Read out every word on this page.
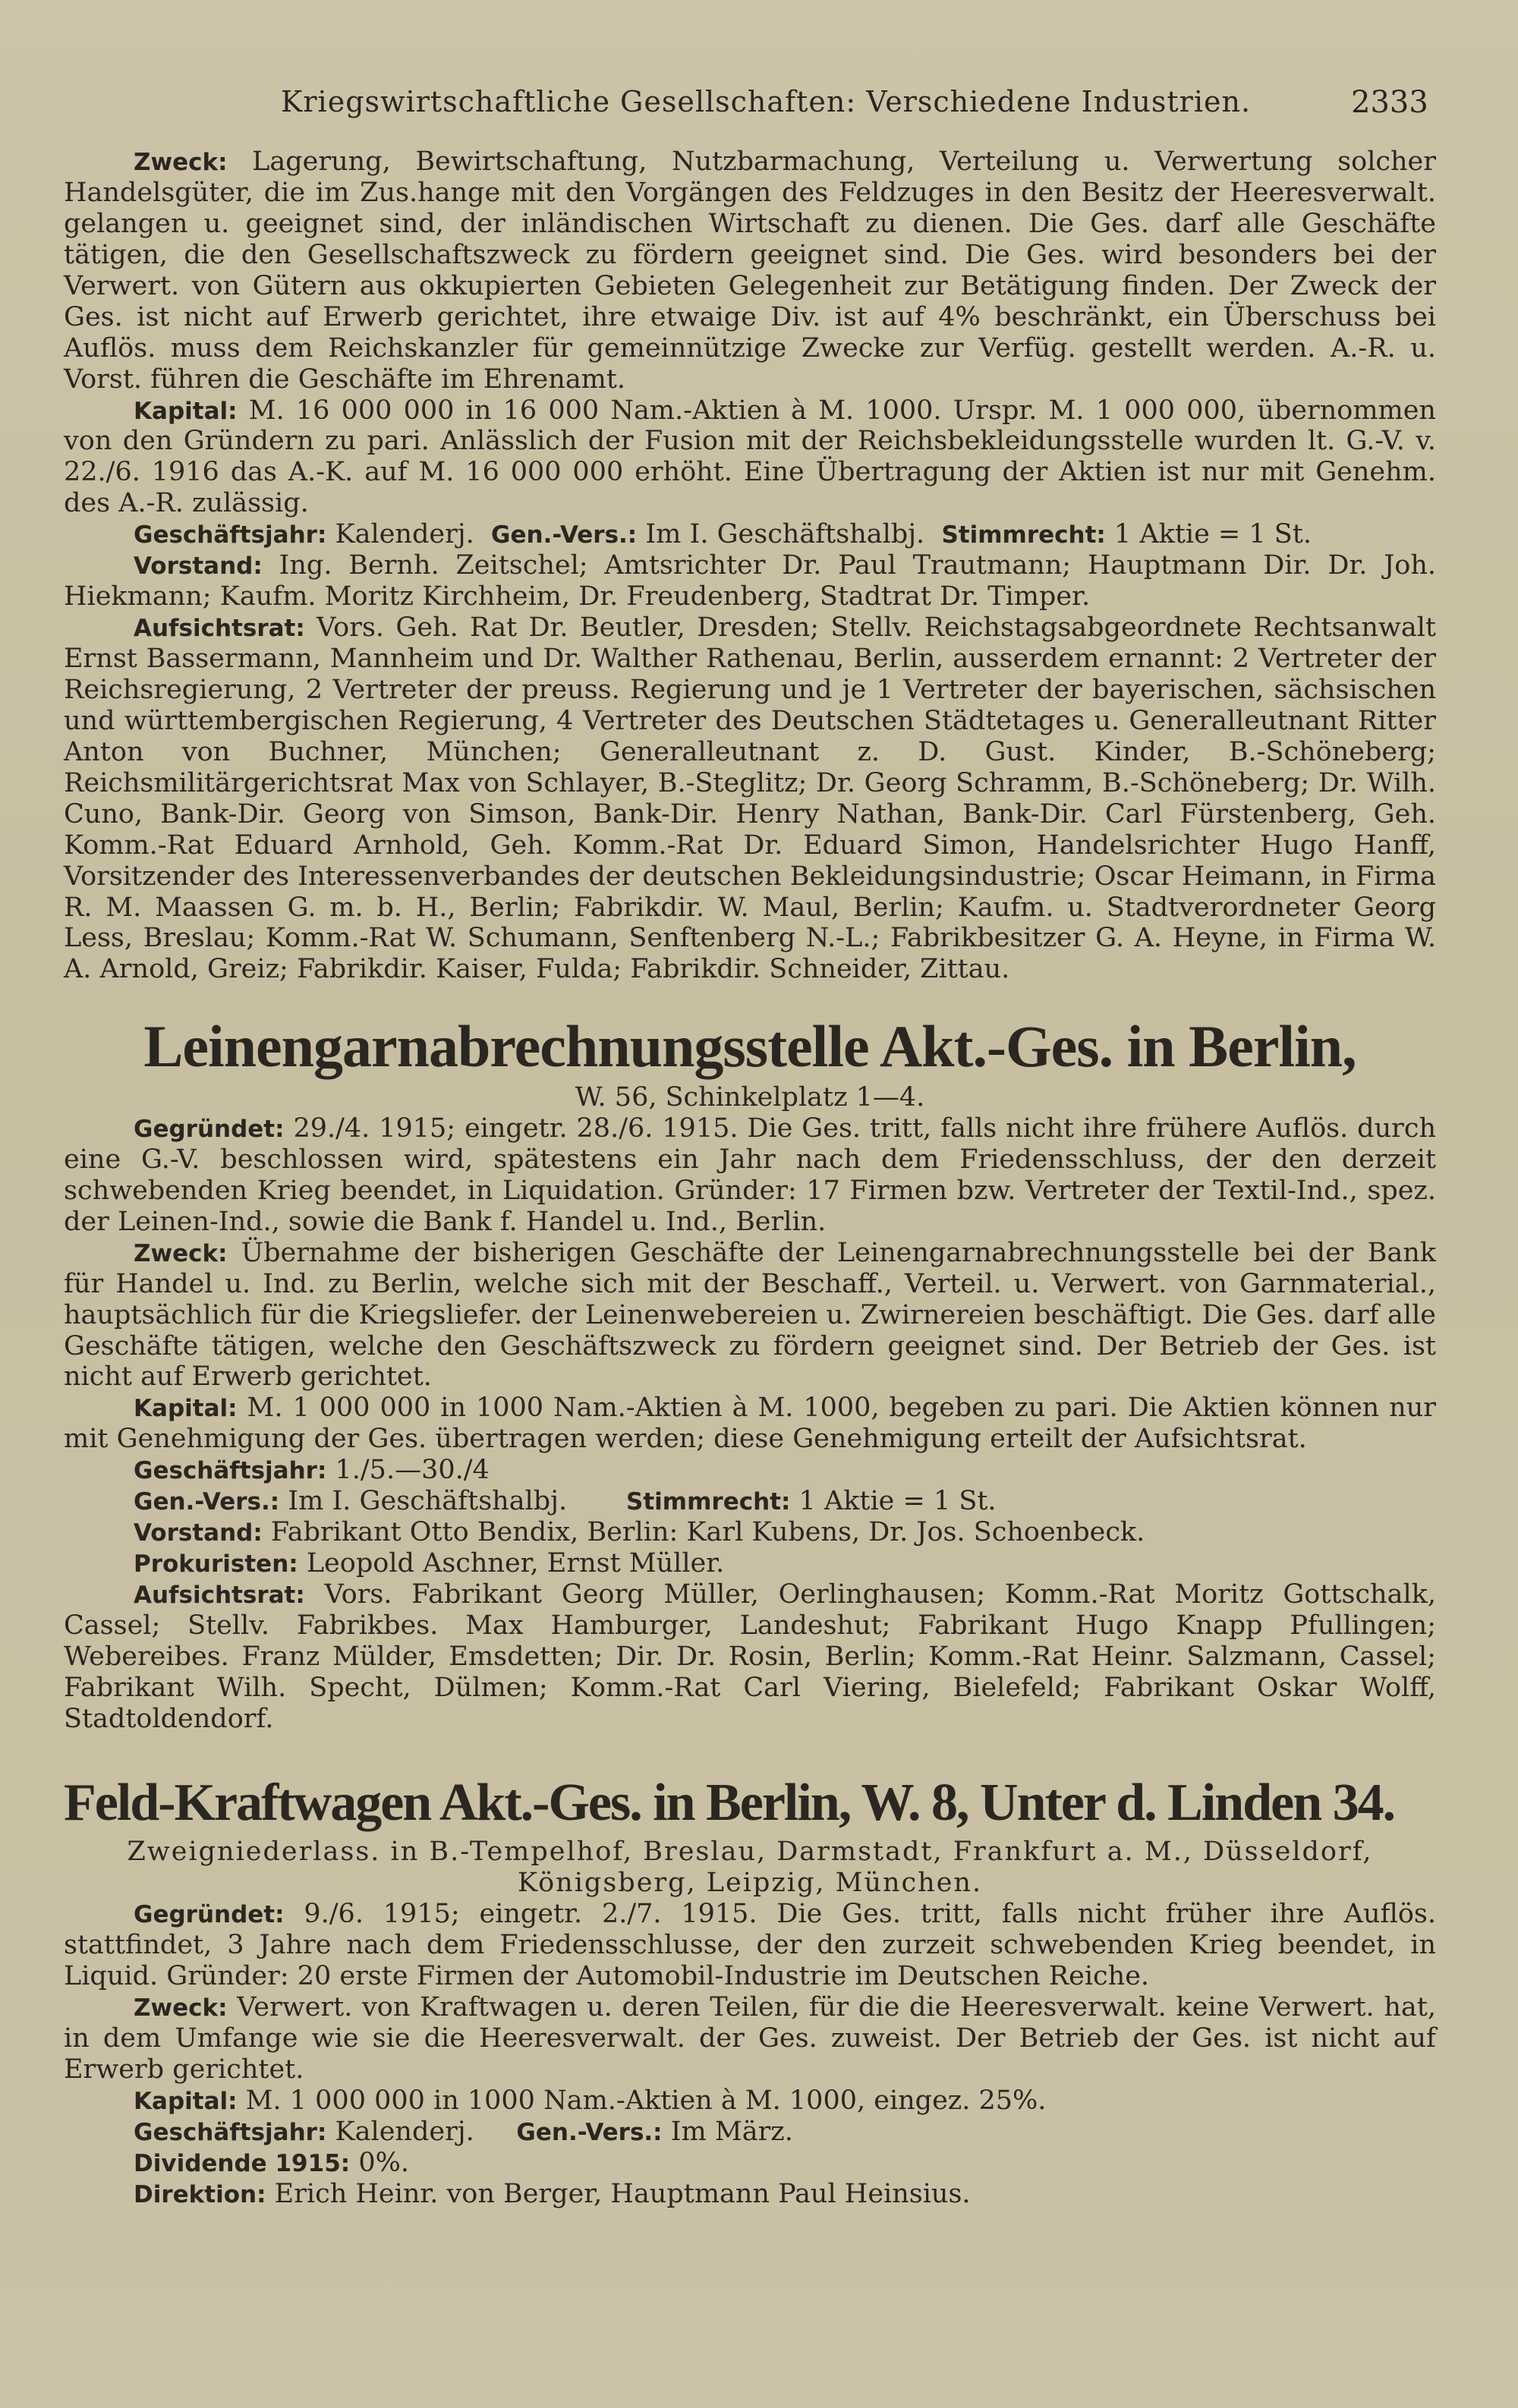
Kriegswirtschaftliche Gesellschaften: Verschiedene Industrien.	2333

Zweck: Lagerung, Bewirtschaftung, Nutzbarmachung, Verteilung u. Verwertung solcher Handelsgüter, die im Zus.hange mit den Vorgängen des Feldzuges in den Besitz der Heeresverwalt. gelangen u. geeignet sind, der inländischen Wirtschaft zu dienen. Die Ges. darf alle Geschäfte tätigen, die den Gesellschaftszweck zu fördern geeignet sind. Die Ges. wird besonders bei der Verwert. von Gütern aus okkupierten Gebieten Gelegenheit zur Betätigung finden. Der Zweck der Ges. ist nicht auf Erwerb gerichtet, ihre etwaige Div. ist auf 4% beschränkt, ein Überschuss bei Auflös. muss dem Reichskanzler für gemeinnützige Zwecke zur Verfüg. gestellt werden. A.-R. u. Vorst. führen die Geschäfte im Ehrenamt.

Kapital: M. 16 000 000 in 16 000 Nam.-Aktien à M. 1000. Urspr. M. 1 000 000, übernommen von den Gründern zu pari. Anlässlich der Fusion mit der Reichsbekleidungsstelle wurden lt. G.-V. v. 22./6. 1916 das A.-K. auf M. 16 000 000 erhöht. Eine Übertragung der Aktien ist nur mit Genehm. des A.-R. zulässig.

Geschäftsjahr: Kalenderj. Gen.-Vers.: Im I. Geschäftshalbj. Stimmrecht: 1 Aktie = 1 St.

Vorstand: Ing. Bernh. Zeitschel; Amtsrichter Dr. Paul Trautmann; Hauptmann Dir. Dr. Joh. Hiekmann; Kaufm. Moritz Kirchheim, Dr. Freudenberg, Stadtrat Dr. Timper.

Aufsichtsrat: Vors. Geh. Rat Dr. Beutler, Dresden; Stellv. Reichstagsabgeordnete Rechtsanwalt Ernst Bassermann, Mannheim und Dr. Walther Rathenau, Berlin, ausserdem ernannt: 2 Vertreter der Reichsregierung, 2 Vertreter der preuss. Regierung und je 1 Vertreter der bayerischen, sächsischen und württembergischen Regierung, 4 Vertreter des Deutschen Städtetages u. Generalleutnant Ritter Anton von Buchner, München; Generalleutnant z. D. Gust. Kinder, B.-Schöneberg; Reichsmilitärgerichtsrat Max von Schlayer, B.-Steglitz; Dr. Georg Schramm, B.-Schöneberg; Dr. Wilh. Cuno, Bank-Dir. Georg von Simson, Bank-Dir. Henry Nathan, Bank-Dir. Carl Fürstenberg, Geh. Komm.-Rat Eduard Arnhold, Geh. Komm.-Rat Dr. Eduard Simon, Handelsrichter Hugo Hanff, Vorsitzender des Interessenverbandes der deutschen Bekleidungsindustrie; Oscar Heimann, in Firma R. M. Maassen G. m. b. H., Berlin; Fabrikdir. W. Maul, Berlin; Kaufm. u. Stadtverordneter Georg Less, Breslau; Komm.-Rat W. Schumann, Senftenberg N.-L.; Fabrikbesitzer G. A. Heyne, in Firma W. A. Arnold, Greiz; Fabrikdir. Kaiser, Fulda; Fabrikdir. Schneider, Zittau.

Leinengarnabrechnungsstelle Akt.-Ges. in Berlin,

W. 56, Schinkelplatz 1—4.

Gegründet: 29./4. 1915; eingetr. 28./6. 1915. Die Ges. tritt, falls nicht ihre frühere Auflös. durch eine G.-V. beschlossen wird, spätestens ein Jahr nach dem Friedensschluss, der den derzeit schwebenden Krieg beendet, in Liquidation. Gründer: 17 Firmen bzw. Vertreter der Textil-Ind., spez. der Leinen-Ind., sowie die Bank f. Handel u. Ind., Berlin.

Zweck: Übernahme der bisherigen Geschäfte der Leinengarnabrechnungsstelle bei der Bank für Handel u. Ind. zu Berlin, welche sich mit der Beschaff., Verteil. u. Verwert. von Garnmaterial., hauptsächlich für die Kriegsliefer. der Leinenwebereien u. Zwirnereien beschäftigt. Die Ges. darf alle Geschäfte tätigen, welche den Geschäftszweck zu fördern geeignet sind. Der Betrieb der Ges. ist nicht auf Erwerb gerichtet.

Kapital: M. 1 000 000 in 1000 Nam.-Aktien à M. 1000, begeben zu pari. Die Aktien können nur mit Genehmigung der Ges. übertragen werden; diese Genehmigung erteilt der Aufsichtsrat.

Geschäftsjahr: 1./5.—30./4

Gen.-Vers.: Im I. Geschäftshalbj.	Stimmrecht: 1 Aktie = 1 St.

Vorstand: Fabrikant Otto Bendix, Berlin: Karl Kubens, Dr. Jos. Schoenbeck.

Prokuristen: Leopold Aschner, Ernst Müller.

Aufsichtsrat: Vors. Fabrikant Georg Müller, Oerlinghausen; Komm.-Rat Moritz Gottschalk, Cassel; Stellv. Fabrikbes. Max Hamburger, Landeshut; Fabrikant Hugo Knapp Pfullingen; Webereibes. Franz Mülder, Emsdetten; Dir. Dr. Rosin, Berlin; Komm.-Rat Heinr. Salzmann, Cassel; Fabrikant Wilh. Specht, Dülmen; Komm.-Rat Carl Viering, Bielefeld; Fabrikant Oskar Wolff, Stadtoldendorf.

Feld-Kraftwagen Akt.-Ges. in Berlin, W. 8, Unter d. Linden 34.

Zweigniederlass. in B.-Tempelhof, Breslau, Darmstadt, Frankfurt a. M., Düsseldorf, Königsberg, Leipzig, München.

Gegründet: 9./6. 1915; eingetr. 2./7. 1915. Die Ges. tritt, falls nicht früher ihre Auflös. stattfindet, 3 Jahre nach dem Friedensschlusse, der den zurzeit schwebenden Krieg beendet, in Liquid. Gründer: 20 erste Firmen der Automobil-Industrie im Deutschen Reiche.

Zweck: Verwert. von Kraftwagen u. deren Teilen, für die die Heeresverwalt. keine Verwert. hat, in dem Umfange wie sie die Heeresverwalt. der Ges. zuweist. Der Betrieb der Ges. ist nicht auf Erwerb gerichtet.

Kapital: M. 1 000 000 in 1000 Nam.-Aktien à M. 1000, eingez. 25%.

Geschäftsjahr: Kalenderj. Gen.-Vers.: Im März.

Dividende 1915: 0%.

Direktion: Erich Heinr. von Berger, Hauptmann Paul Heinsius.
